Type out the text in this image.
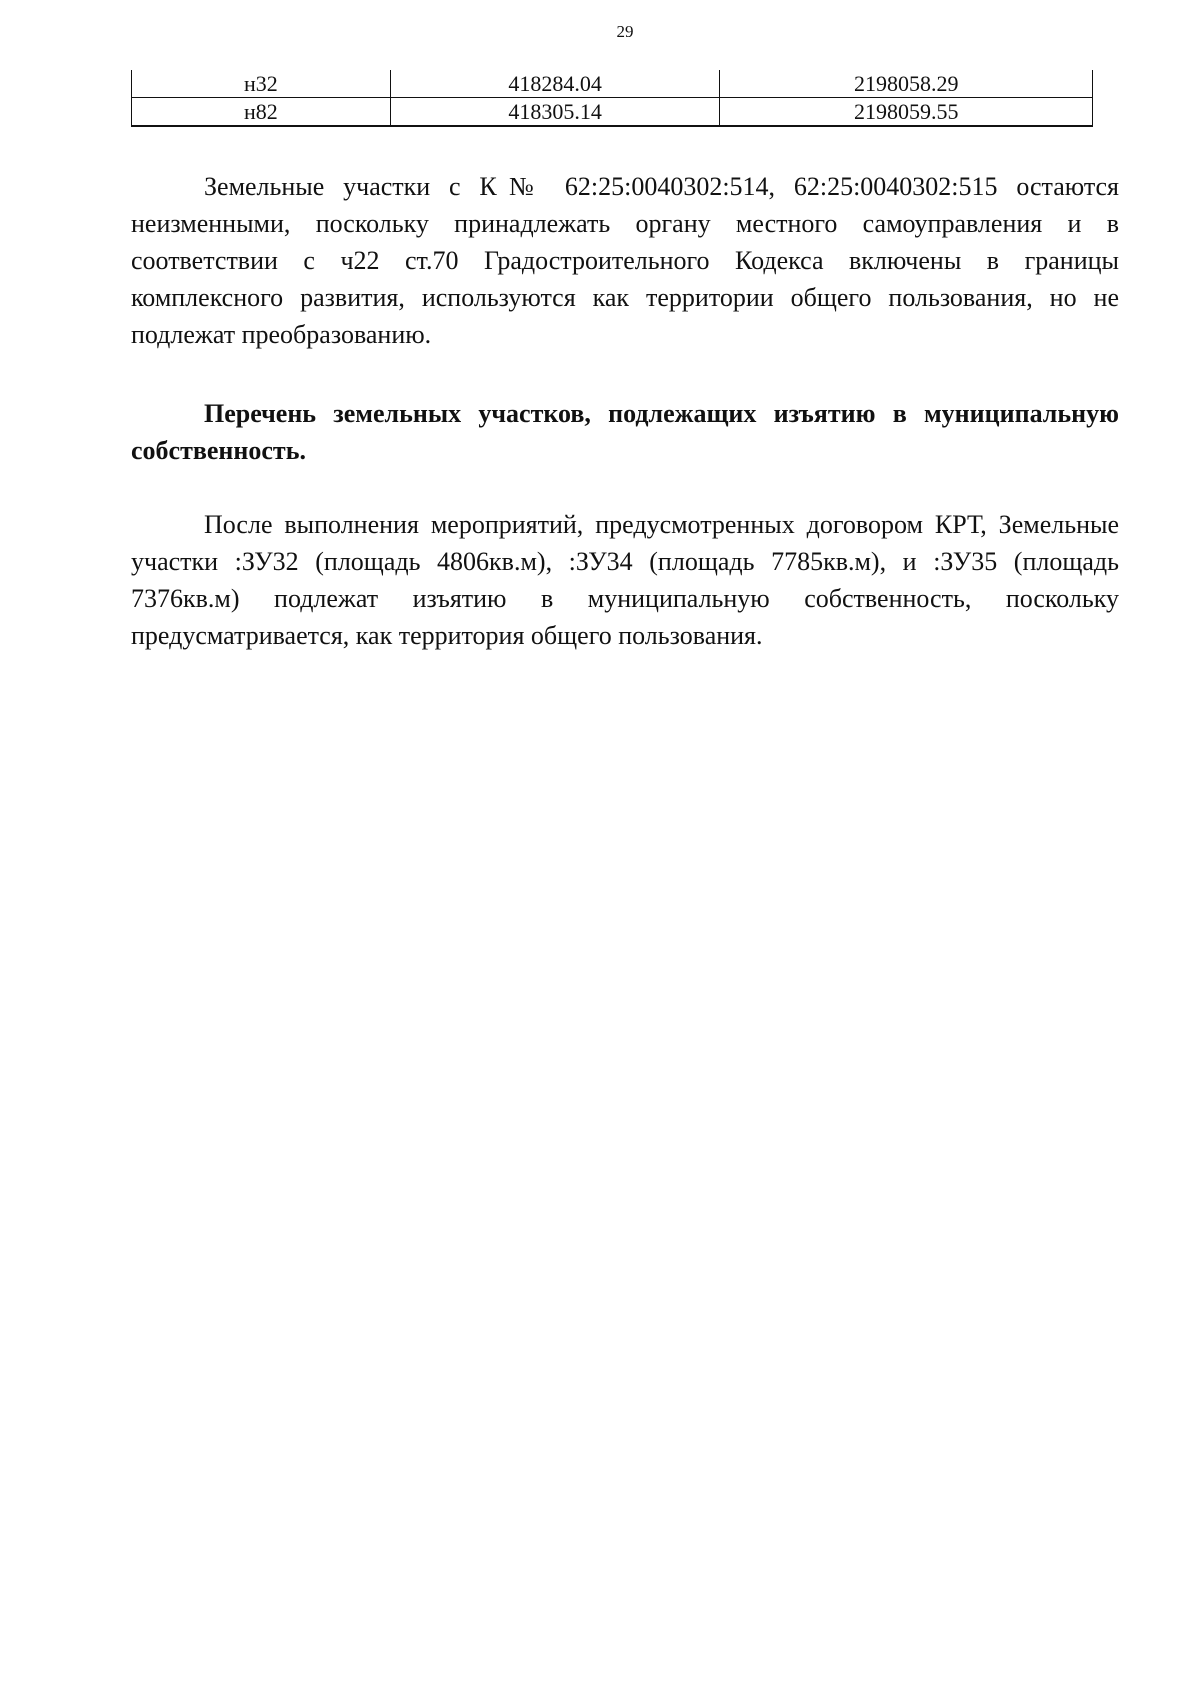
29
н32	418284.04	2198058.29
н82	418305.14	2198059.55

Земельные участки с К№ 62:25:0040302:514, 62:25:0040302:515 остаются неизменными, поскольку принадлежать органу местного самоуправления и в соответствии с ч22 ст.70 Градостроительного Кодекса включены в границы комплексного развития, используются как территории общего пользования, но не подлежат преобразованию.

Перечень земельных участков, подлежащих изъятию в муниципальную собственность.

После выполнения мероприятий, предусмотренных договором КРТ, Земельные участки :ЗУ32 (площадь 4806кв.м), :ЗУ34 (площадь 7785кв.м), и :ЗУ35 (площадь 7376кв.м) подлежат изъятию в муниципальную собственность, поскольку предусматривается, как территория общего пользования.
